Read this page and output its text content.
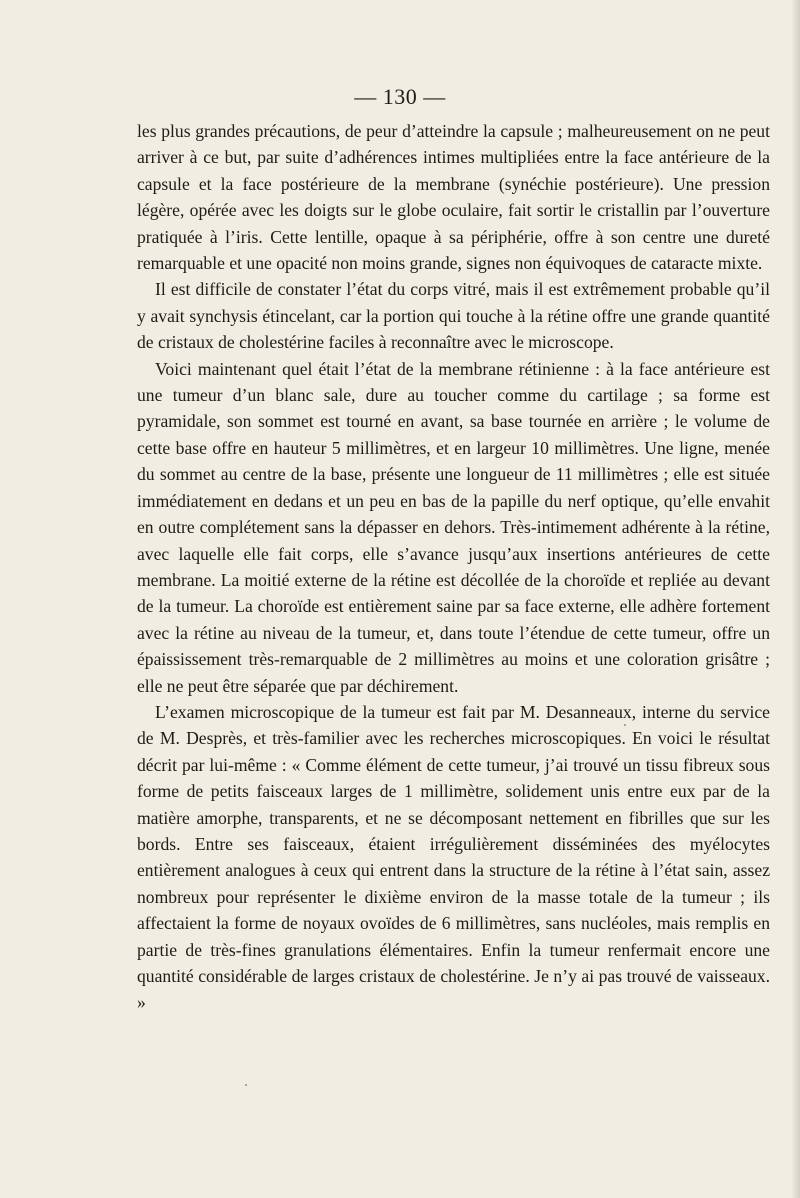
— 130 —

les plus grandes précautions, de peur d’atteindre la capsule ; malheureusement on ne peut arriver à ce but, par suite d’adhérences intimes multipliées entre la face antérieure de la capsule et la face postérieure de la membrane (synéchie postérieure). Une pression légère, opérée avec les doigts sur le globe oculaire, fait sortir le cristallin par l’ouverture pratiquée à l’iris. Cette lentille, opaque à sa périphérie, offre à son centre une dureté remarquable et une opacité non moins grande, signes non équivoques de cataracte mixte.

Il est difficile de constater l’état du corps vitré, mais il est extrêmement probable qu’il y avait synchysis étincelant, car la portion qui touche à la rétine offre une grande quantité de cristaux de cholestérine faciles à reconnaître avec le microscope.

Voici maintenant quel était l’état de la membrane rétinienne : à la face antérieure est une tumeur d’un blanc sale, dure au toucher comme du cartilage ; sa forme est pyramidale, son sommet est tourné en avant, sa base tournée en arrière ; le volume de cette base offre en hauteur 5 millimètres, et en largeur 10 millimètres. Une ligne, menée du sommet au centre de la base, présente une longueur de 11 millimètres ; elle est située immédiatement en dedans et un peu en bas de la papille du nerf optique, qu’elle envahit en outre complétement sans la dépasser en dehors. Très-intimement adhérente à la rétine, avec laquelle elle fait corps, elle s’avance jusqu’aux insertions antérieures de cette membrane. La moitié externe de la rétine est décollée de la choroïde et repliée au devant de la tumeur. La choroïde est entièrement saine par sa face externe, elle adhère fortement avec la rétine au niveau de la tumeur, et, dans toute l’étendue de cette tumeur, offre un épaississement très-remarquable de 2 millimètres au moins et une coloration grisâtre ; elle ne peut être séparée que par déchirement.

L’examen microscopique de la tumeur est fait par M. Desanneaux, interne du service de M. Desprès, et très-familier avec les recherches microscopiques. En voici le résultat décrit par lui-même : « Comme élément de cette tumeur, j’ai trouvé un tissu fibreux sous forme de petits faisceaux larges de 1 millimètre, solidement unis entre eux par de la matière amorphe, transparents, et ne se décomposant nettement en fibrilles que sur les bords. Entre ses faisceaux, étaient irrégulièrement disséminées des myélocytes entièrement analogues à ceux qui entrent dans la structure de la rétine à l’état sain, assez nombreux pour représenter le dixième environ de la masse totale de la tumeur ; ils affectaient la forme de noyaux ovoïdes de 6 millimètres, sans nucléoles, mais remplis en partie de très-fines granulations élémentaires. Enfin la tumeur renfermait encore une quantité considérable de larges cristaux de cholestérine. Je n’y ai pas trouvé de vaisseaux. »
